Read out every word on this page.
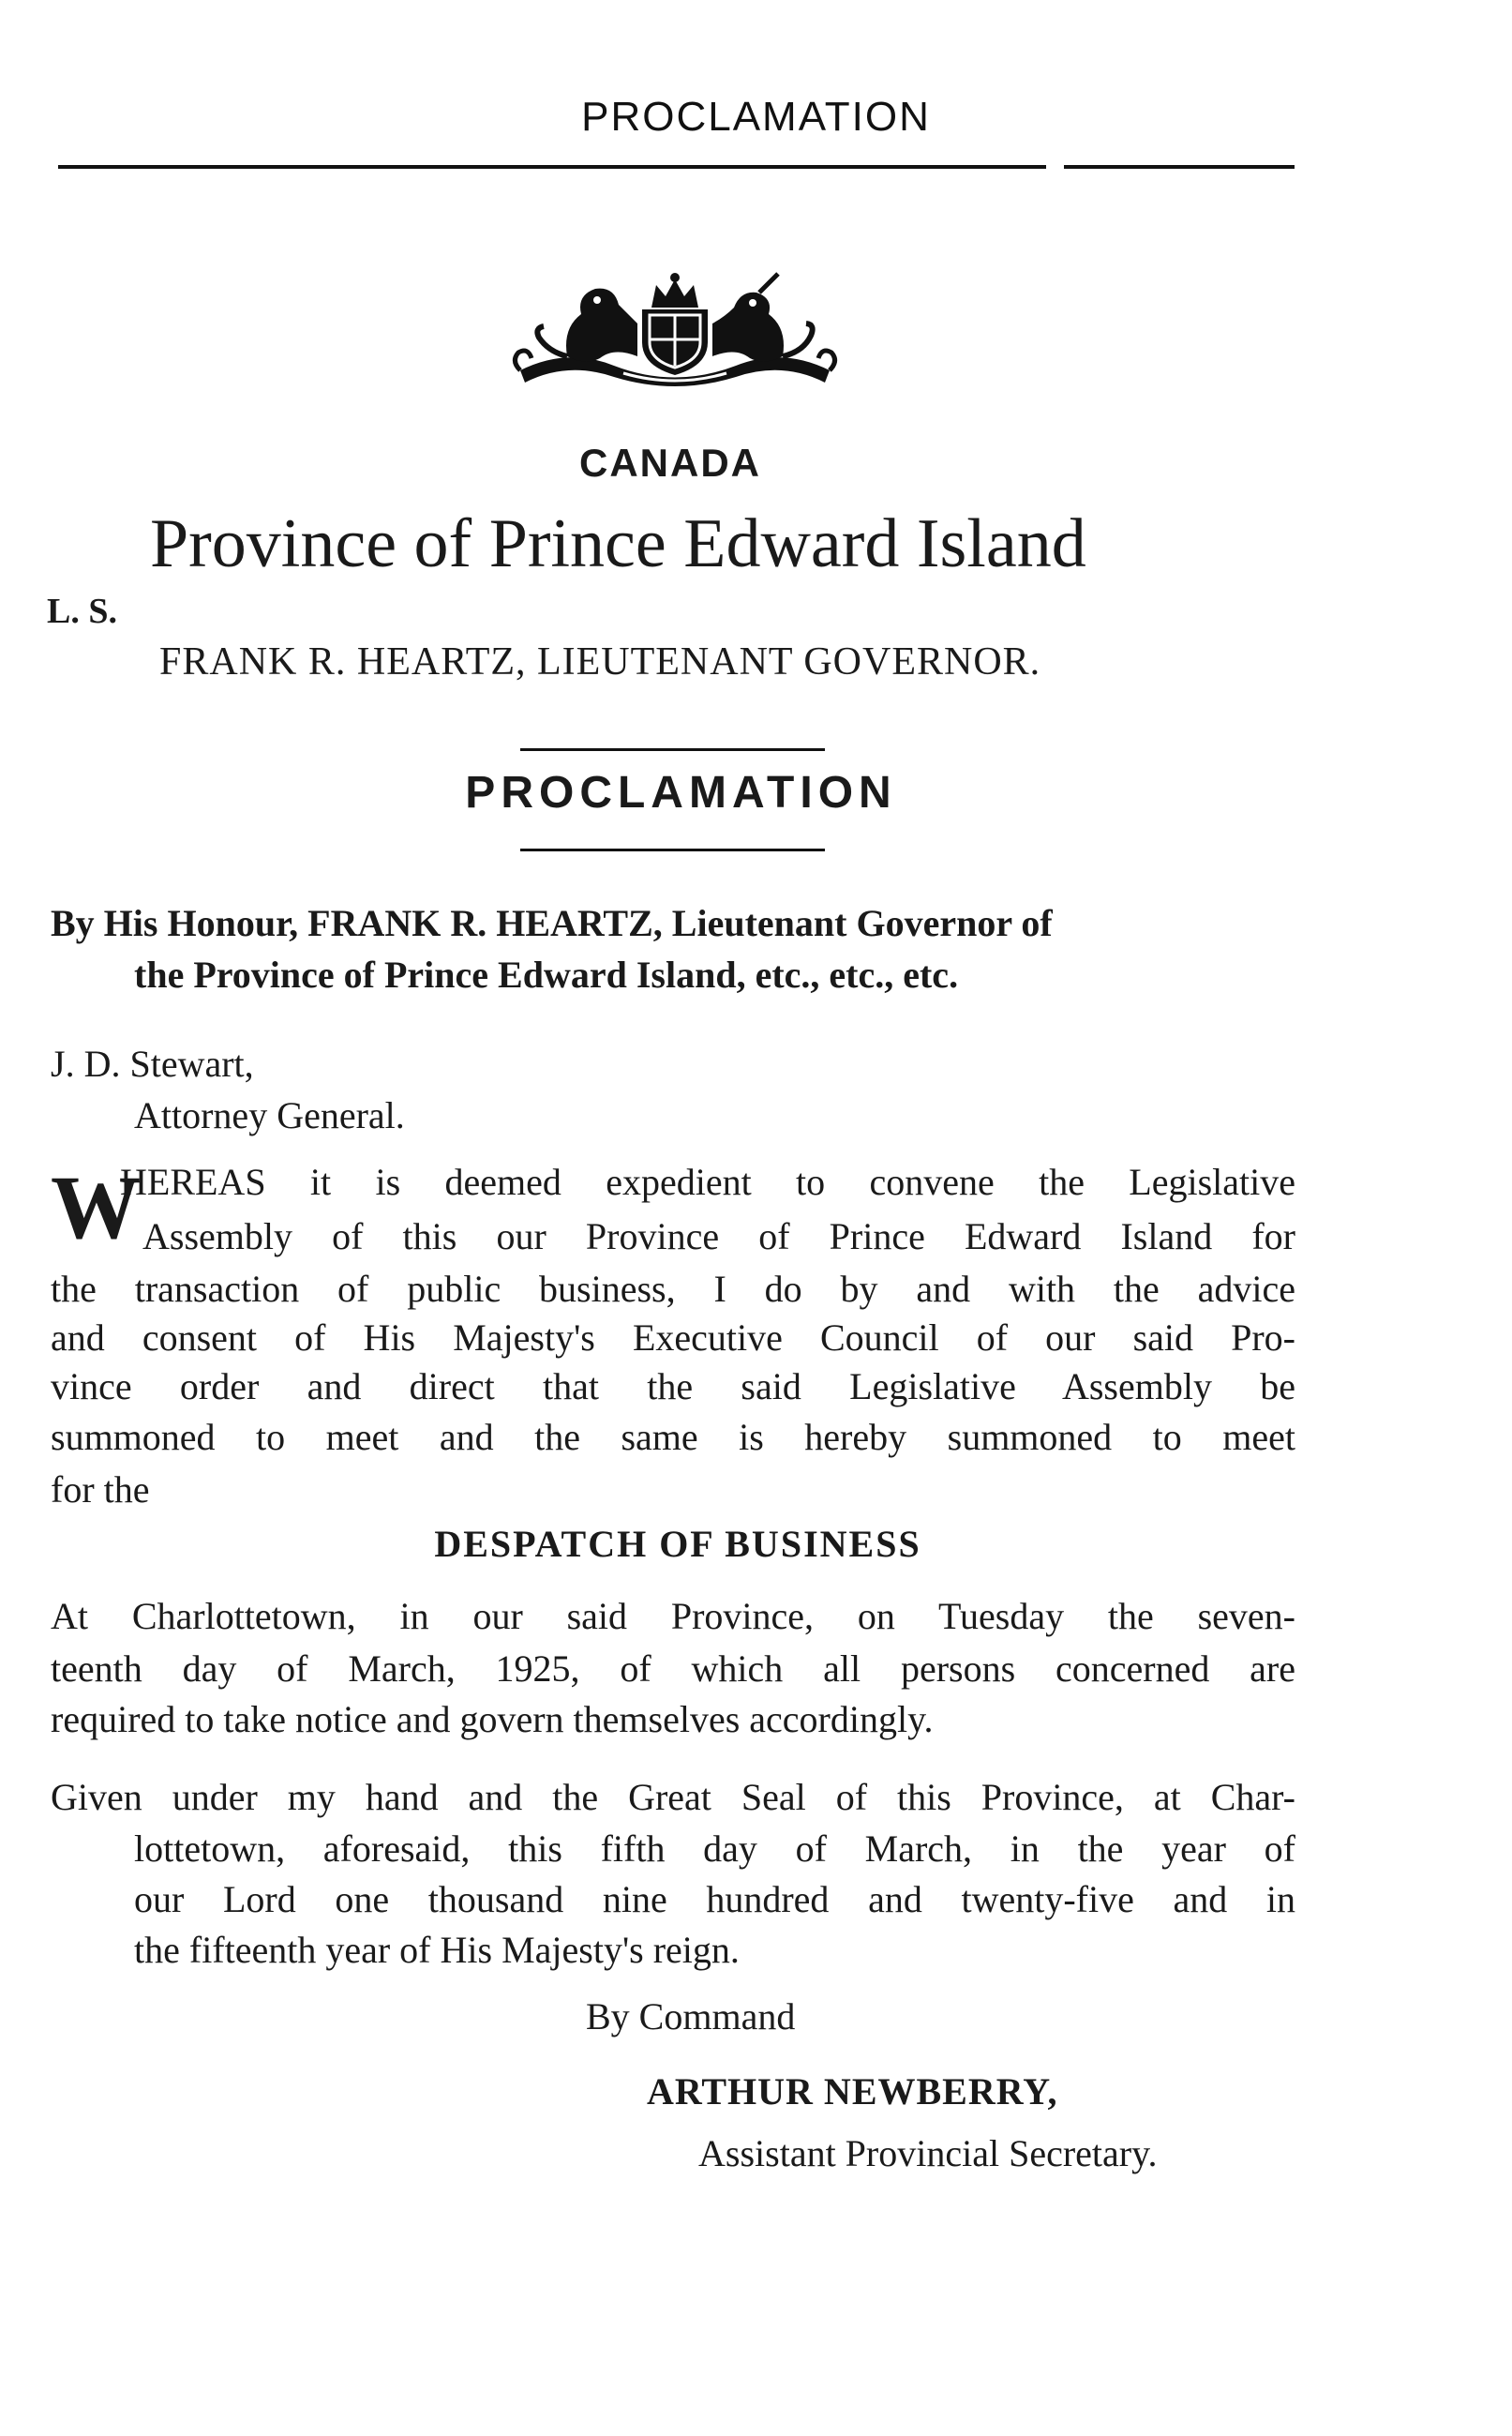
PROCLAMATION
CANADA
Province of Prince Edward Island
L. S.
FRANK R. HEARTZ, LIEUTENANT GOVERNOR.
PROCLAMATION
By His Honour, FRANK R. HEARTZ, Lieutenant Governor of
the Province of Prince Edward Island, etc., etc., etc.
J. D. Stewart,
Attorney General.
W
HEREAS it is deemed expedient to convene the Legislative
Assembly of this our Province of Prince Edward Island for
the transaction of public business, I do by and with the advice
and consent of His Majesty's Executive Council of our said Pro-
vince order and direct that the said Legislative Assembly be
summoned to meet and the same is hereby summoned to meet
for the
DESPATCH OF BUSINESS
At Charlottetown, in our said Province, on Tuesday the seven-
teenth day of March, 1925, of which all persons concerned are
required to take notice and govern themselves accordingly.
Given under my hand and the Great Seal of this Province, at Char-
lottetown, aforesaid, this fifth day of March, in the year of
our Lord one thousand nine hundred and twenty-five and in
the fifteenth year of His Majesty's reign.
By Command
ARTHUR NEWBERRY,
Assistant Provincial Secretary.
